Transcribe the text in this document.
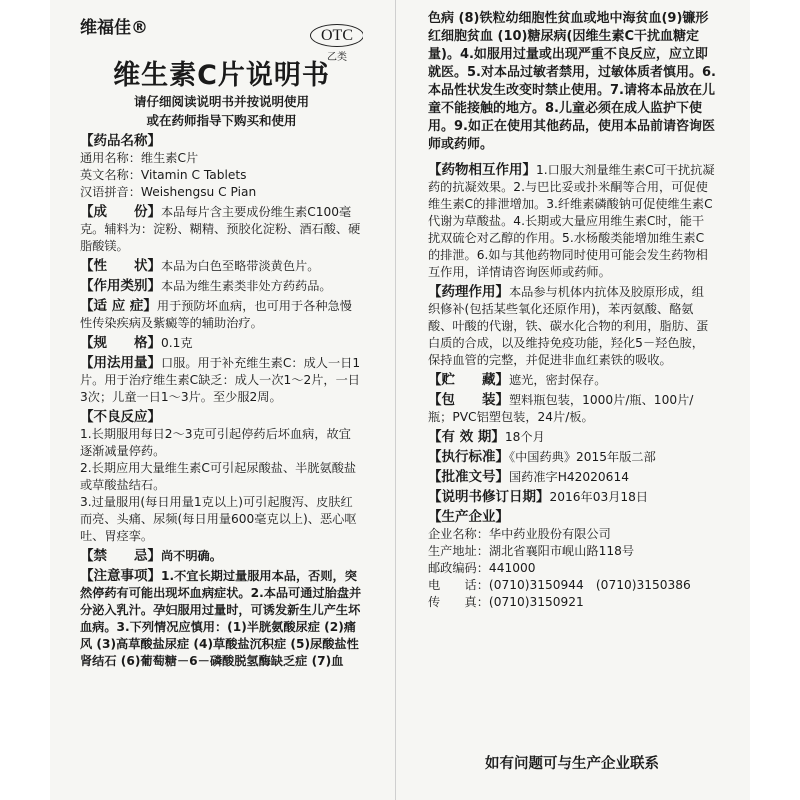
维福佳®	OTC
乙类
维生素C片说明书
请仔细阅读说明书并按说明使用
或在药师指导下购买和使用
【药品名称】
通用名称：维生素C片
英文名称：Vitamin C Tablets
汉语拼音：Weishengsu C Pian
【成　　份】本品每片含主要成份维生素C100毫克。辅料为：淀粉、糊精、预胶化淀粉、酒石酸、硬脂酸镁。
【性　　状】本品为白色至略带淡黄色片。
【作用类别】本品为维生素类非处方药药品。
【适 应 症】用于预防坏血病，也可用于各种急慢性传染疾病及紫癜等的辅助治疗。
【规　　格】0.1克
【用法用量】口服。用于补充维生素C：成人一日1片。用于治疗维生素C缺乏：成人一次1～2片，一日3次；儿童一日1～3片。至少服2周。
【不良反应】
1.长期服用每日2～3克可引起停药后坏血病，故宜逐渐减量停药。
2.长期应用大量维生素C可引起尿酸盐、半胱氨酸盐或草酸盐结石。
3.过量服用(每日用量1克以上)可引起腹泻、皮肤红而亮、头痛、尿频(每日用量600毫克以上)、恶心呕吐、胃痉挛。
【禁　　忌】尚不明确。
【注意事项】1.不宜长期过量服用本品，否则，突然停药有可能出现坏血病症状。2.本品可通过胎盘并分泌入乳汁。孕妇服用过量时，可诱发新生儿产生坏血病。3.下列情况应慎用：(1)半胱氨酸尿症 (2)痛风 (3)高草酸盐尿症 (4)草酸盐沉积症 (5)尿酸盐性肾结石 (6)葡萄糖－6－磷酸脱氢酶缺乏症 (7)血
色病 (8)铁粒幼细胞性贫血或地中海贫血(9)镰形红细胞贫血 (10)糖尿病(因维生素C干扰血糖定量)。4.如服用过量或出现严重不良反应，应立即就医。5.对本品过敏者禁用，过敏体质者慎用。6.本品性状发生改变时禁止使用。7.请将本品放在儿童不能接触的地方。8.儿童必须在成人监护下使用。9.如正在使用其他药品，使用本品前请咨询医师或药师。
【药物相互作用】1.口服大剂量维生素C可干扰抗凝药的抗凝效果。2.与巴比妥或扑米酮等合用，可促使维生素C的排泄增加。3.纤维素磷酸钠可促使维生素C代谢为草酸盐。4.长期或大量应用维生素C时，能干扰双硫仑对乙醇的作用。5.水杨酸类能增加维生素C的排泄。6.如与其他药物同时使用可能会发生药物相互作用，详情请咨询医师或药师。
【药理作用】本品参与机体内抗体及胶原形成，组织修补(包括某些氧化还原作用)，苯丙氨酸、酪氨酸、叶酸的代谢，铁、碳水化合物的利用，脂肪、蛋白质的合成，以及维持免疫功能，羟化5－羟色胺，保持血管的完整，并促进非血红素铁的吸收。
【贮　　藏】遮光，密封保存。
【包　　装】塑料瓶包装，1000片/瓶、100片/瓶；PVC铝塑包装，24片/板。
【有 效 期】18个月
【执行标准】《中国药典》2015年版二部
【批准文号】国药准字H42020614
【说明书修订日期】2016年03月18日
【生产企业】
企业名称：华中药业股份有限公司
生产地址：湖北省襄阳市岘山路118号
邮政编码：441000
电　　话：(0710)3150944　(0710)3150386
传　　真：(0710)3150921
如有问题可与生产企业联系
